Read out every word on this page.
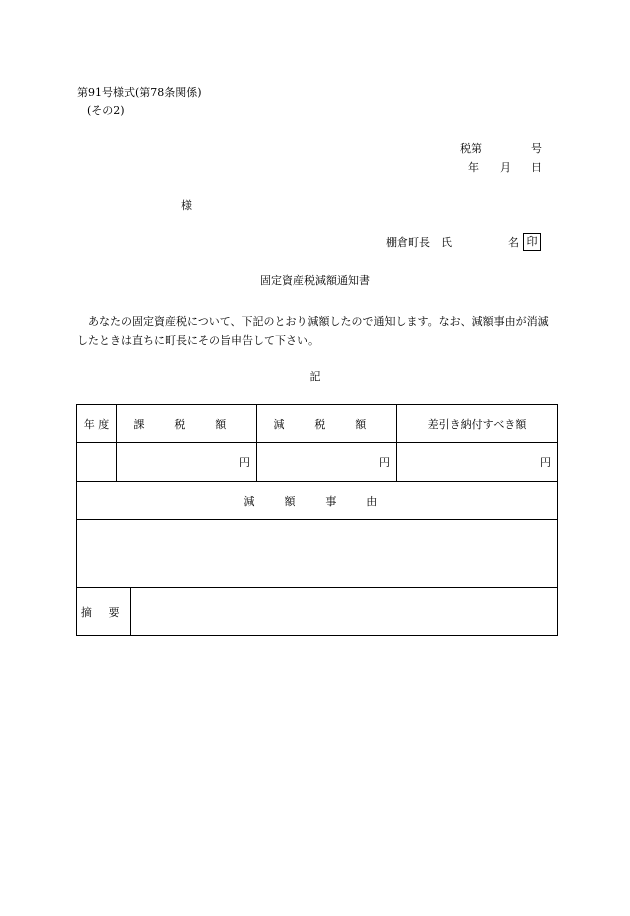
第91号様式(第78条関係)
(その2)
税第	号
年 月 日
様
棚倉町長　氏	名 印
固定資産税減額通知書
あなたの固定資産税について、下記のとおり減額したので通知します。なお、減額事由が消滅したときは直ちに町長にその旨申告して下さい。
記
年 度	課 税 額		減 税 額	差引き納付すべき額
	円		円	円
減 額 事 由				

摘 要				
